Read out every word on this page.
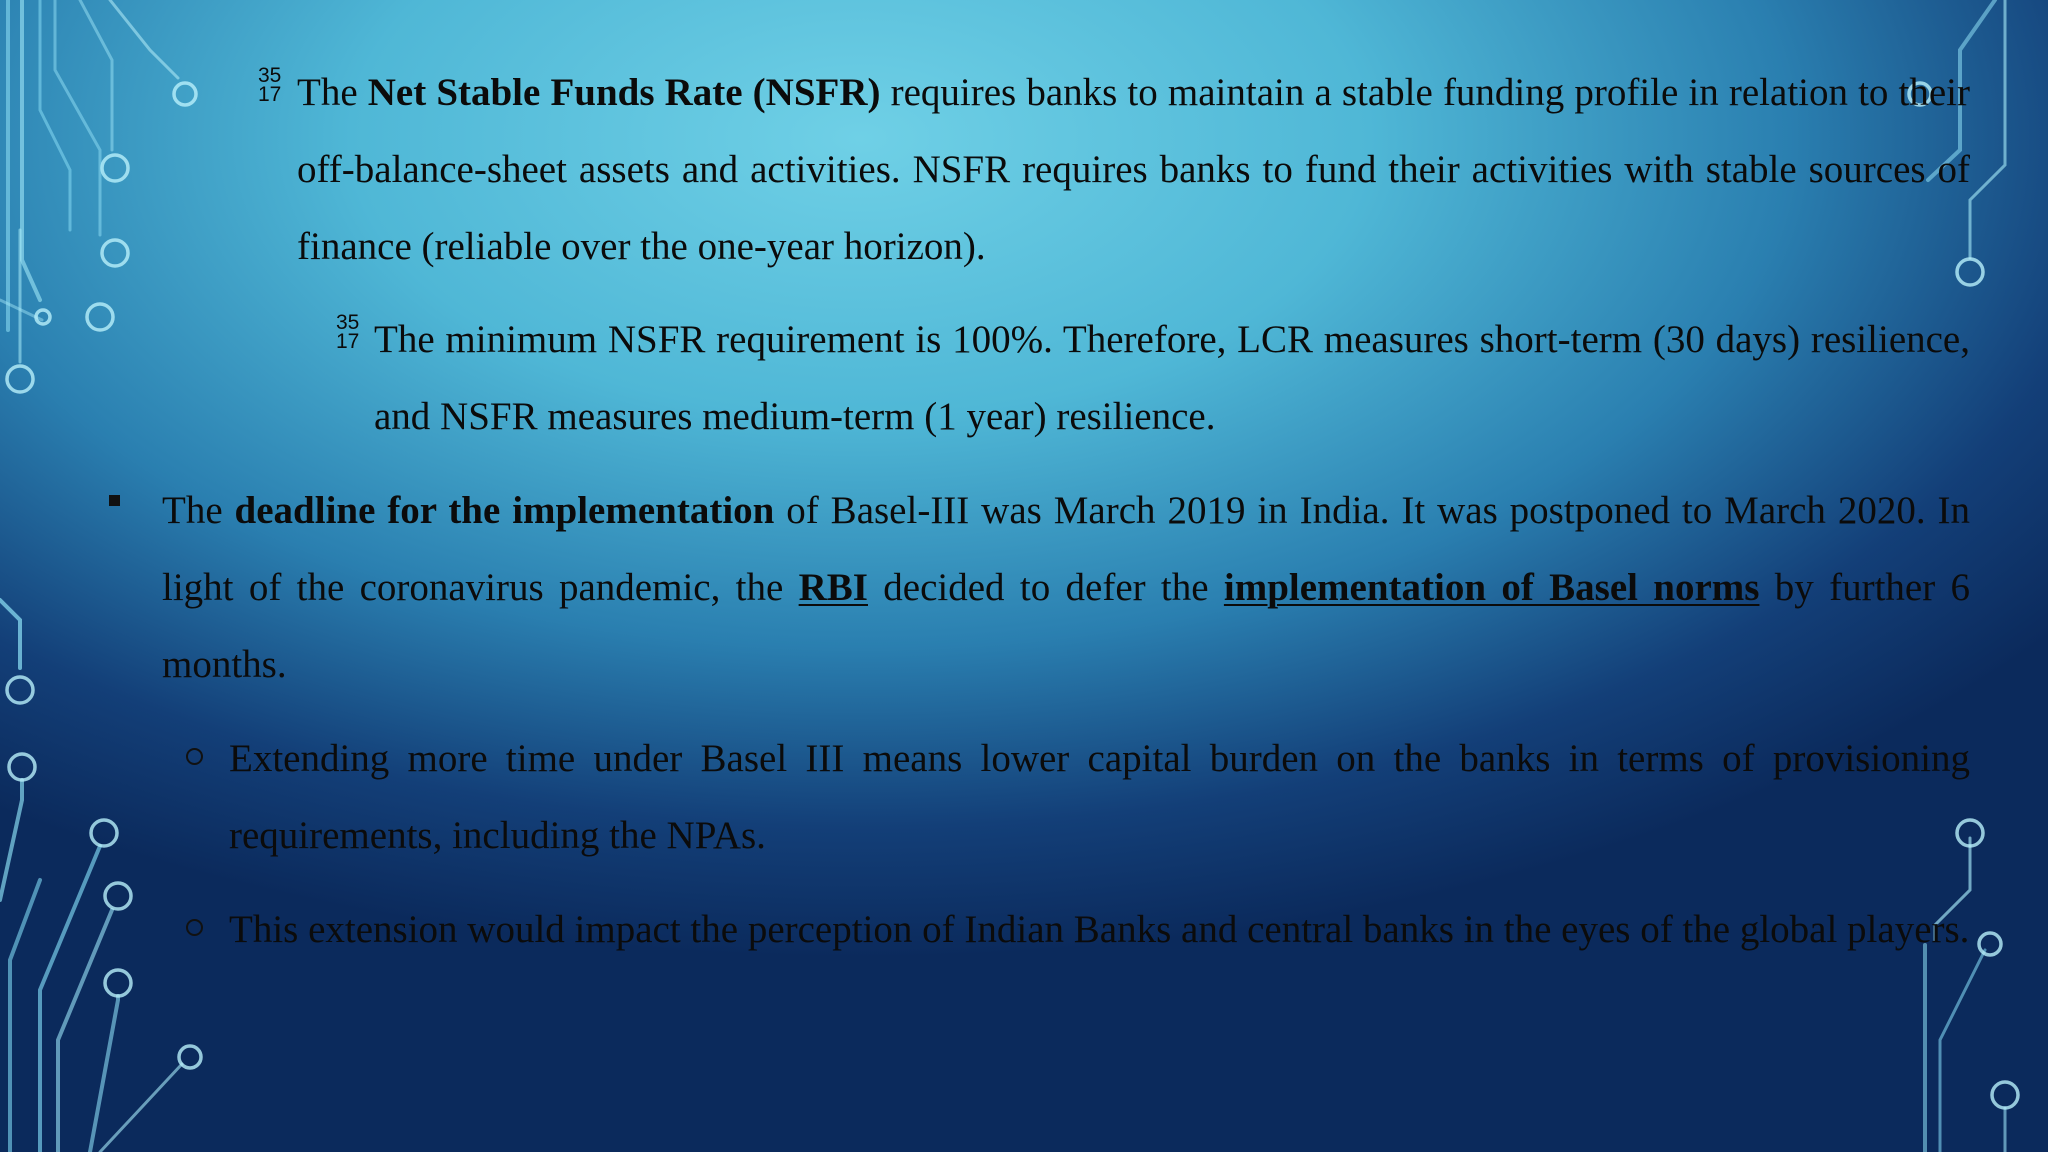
35
17 The Net Stable Funds Rate (NSFR) requires banks to maintain a stable funding profile in relation to their off-balance-sheet assets and activities. NSFR requires banks to fund their activities with stable sources of finance (reliable over the one-year horizon).

35
17 The minimum NSFR requirement is 100%. Therefore, LCR measures short-term (30 days) resilience, and NSFR measures medium-term (1 year) resilience.

The deadline for the implementation of Basel-III was March 2019 in India. It was postponed to March 2020. In light of the coronavirus pandemic, the RBI decided to defer the implementation of Basel norms by further 6 months.

Extending more time under Basel III means lower capital burden on the banks in terms of provisioning requirements, including the NPAs.

This extension would impact the perception of Indian Banks and central banks in the eyes of the global players.
